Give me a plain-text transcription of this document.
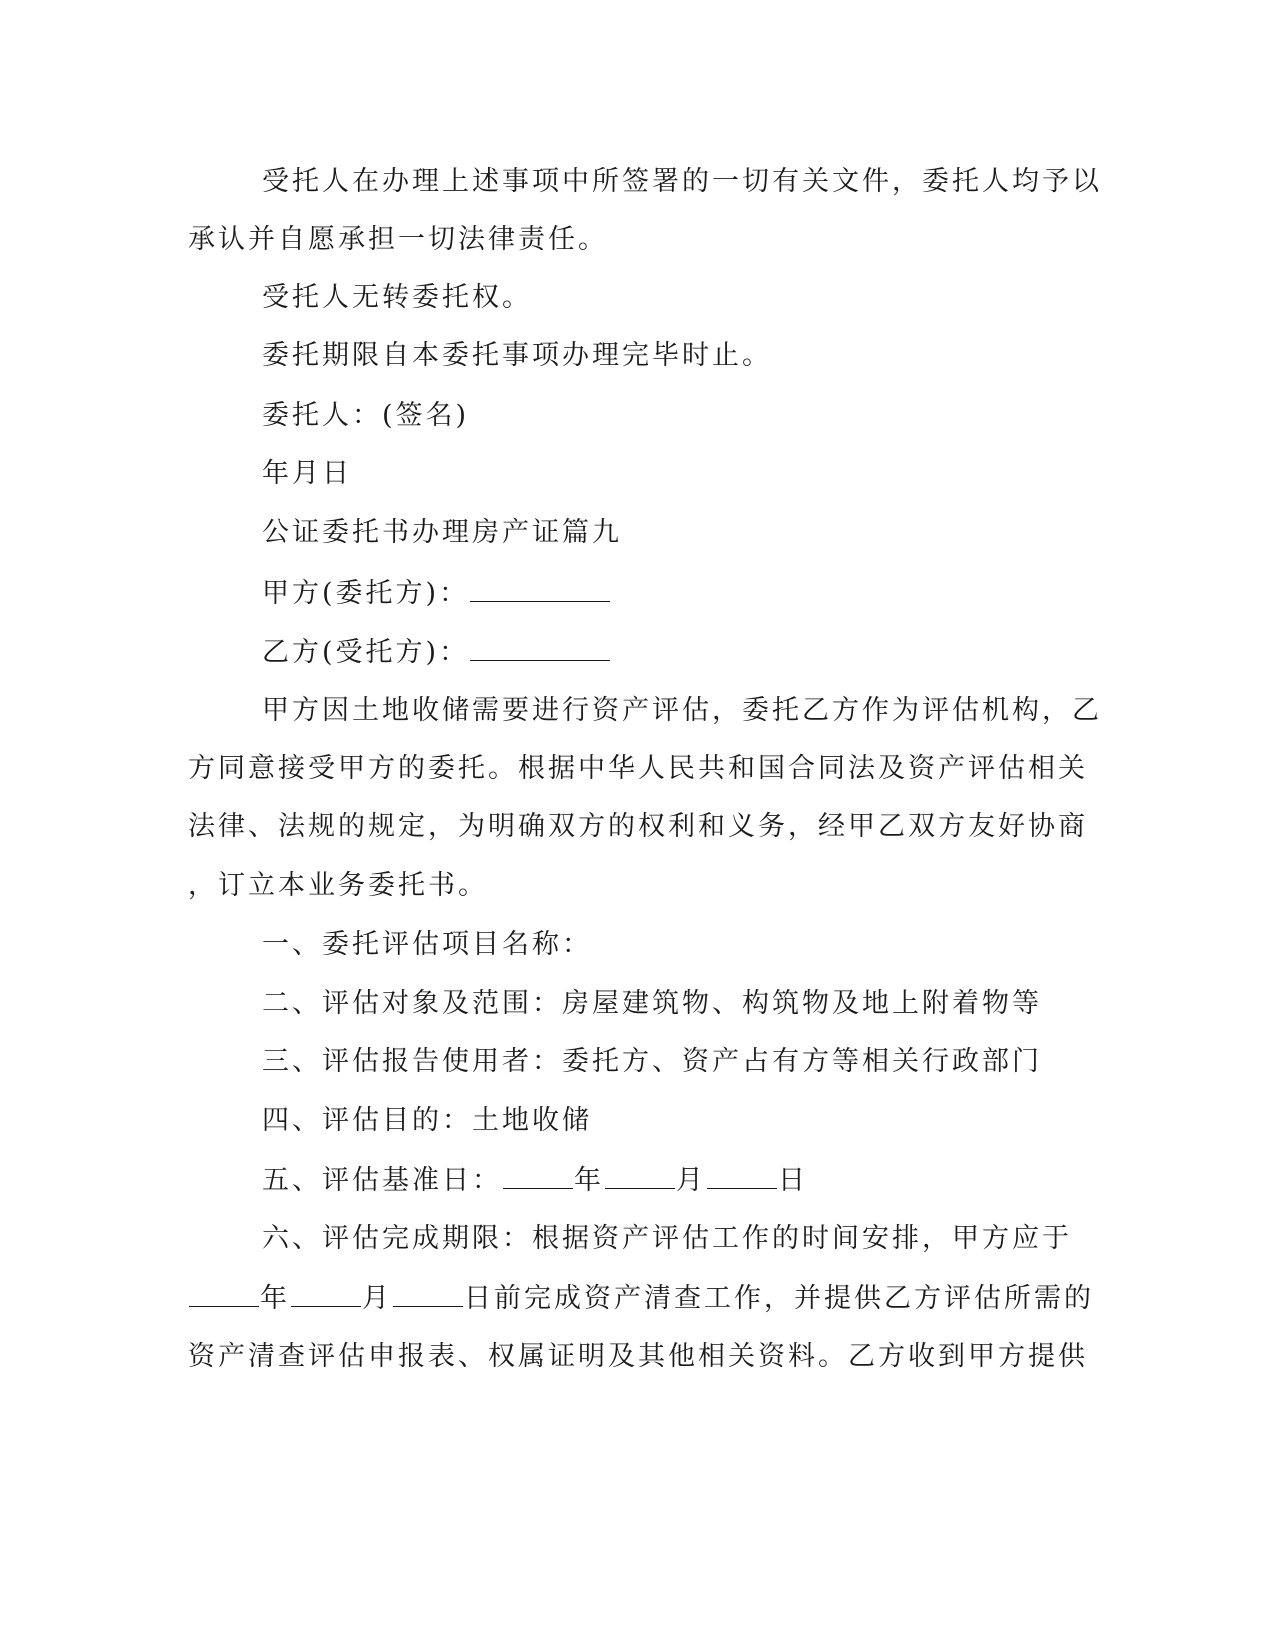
受托人在办理上述事项中所签署的一切有关文件，委托人均予以
承认并自愿承担一切法律责任。
受托人无转委托权。
委托期限自本委托事项办理完毕时止。
委托人：(签名)
年月日
公证委托书办理房产证篇九
甲方(委托方)：
乙方(受托方)：
甲方因土地收储需要进行资产评估，委托乙方作为评估机构，乙
方同意接受甲方的委托。根据中华人民共和国合同法及资产评估相关
法律、法规的规定，为明确双方的权利和义务，经甲乙双方友好协商
，订立本业务委托书。
一、委托评估项目名称：
二、评估对象及范围：房屋建筑物、构筑物及地上附着物等
三、评估报告使用者：委托方、资产占有方等相关行政部门
四、评估目的：土地收储
五、评估基准日：	年	月	日
六、评估完成期限：根据资产评估工作的时间安排，甲方应于
年	月	日前完成资产清查工作，并提供乙方评估所需的
资产清查评估申报表、权属证明及其他相关资料。乙方收到甲方提供
